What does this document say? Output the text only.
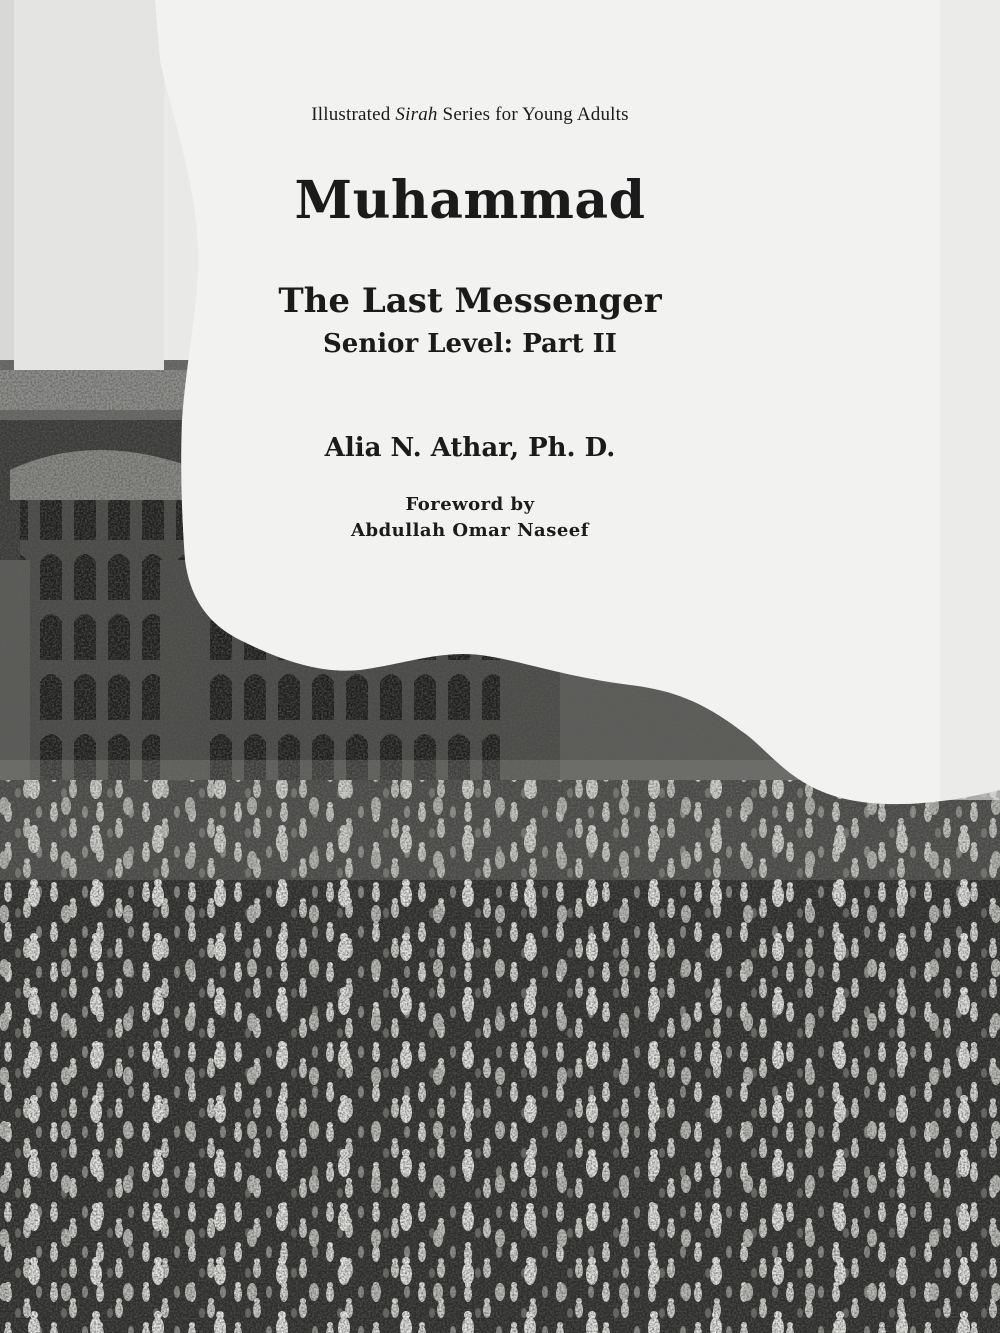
⠀
Illustrated Sirah Series for Young Adults
Muhammad
The Last Messenger
Senior Level: Part II
Alia N. Athar, Ph. D.
Foreword by
Abdullah Omar Naseef
